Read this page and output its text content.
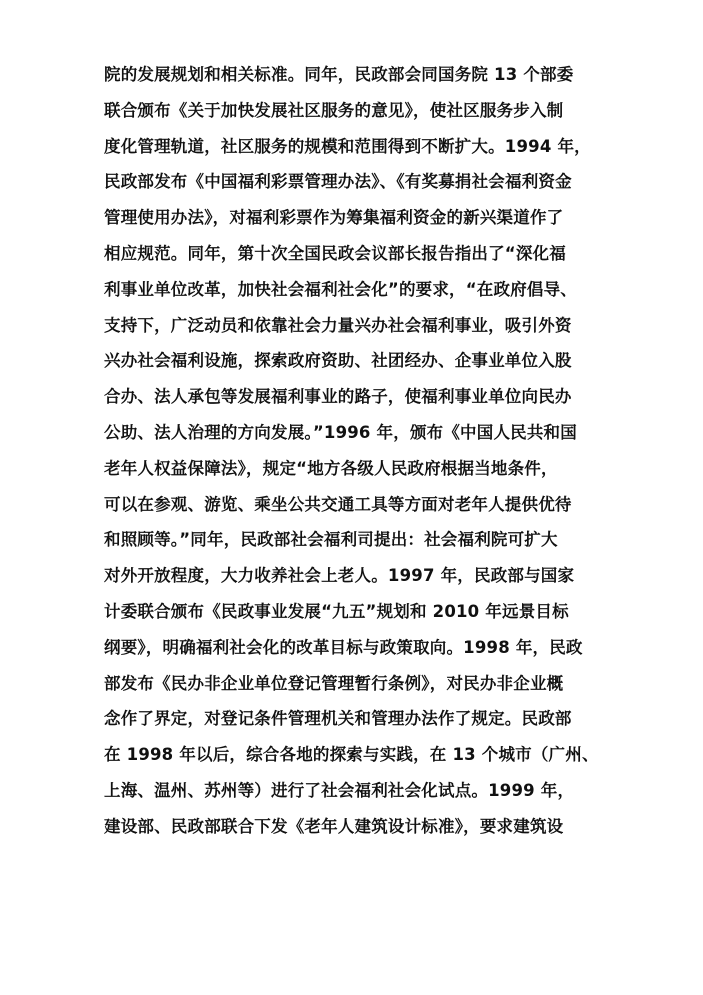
院的发展规划和相关标准。同年，民政部会同国务院 13 个部委
联合颁布《关于加快发展社区服务的意见》，使社区服务步入制
度化管理轨道，社区服务的规模和范围得到不断扩大。1994 年，
民政部发布《中国福利彩票管理办法》、《有奖募捐社会福利资金
管理使用办法》，对福利彩票作为筹集福利资金的新兴渠道作了
相应规范。同年，第十次全国民政会议部长报告指出了“深化福
利事业单位改革，加快社会福利社会化”的要求，“在政府倡导、
支持下，广泛动员和依靠社会力量兴办社会福利事业，吸引外资
兴办社会福利设施，探索政府资助、社团经办、企事业单位入股
合办、法人承包等发展福利事业的路子，使福利事业单位向民办
公助、法人治理的方向发展。”1996 年，颁布《中国人民共和国
老年人权益保障法》，规定“地方各级人民政府根据当地条件，
可以在参观、游览、乘坐公共交通工具等方面对老年人提供优待
和照顾等。”同年，民政部社会福利司提出：社会福利院可扩大
对外开放程度，大力收养社会上老人。1997 年，民政部与国家
计委联合颁布《民政事业发展“九五”规划和 2010 年远景目标
纲要》，明确福利社会化的改革目标与政策取向。1998 年，民政
部发布《民办非企业单位登记管理暂行条例》，对民办非企业概
念作了界定，对登记条件管理机关和管理办法作了规定。民政部
在 1998 年以后，综合各地的探索与实践，在 13 个城市（广州、
上海、温州、苏州等）进行了社会福利社会化试点。1999 年，
建设部、民政部联合下发《老年人建筑设计标准》，要求建筑设
